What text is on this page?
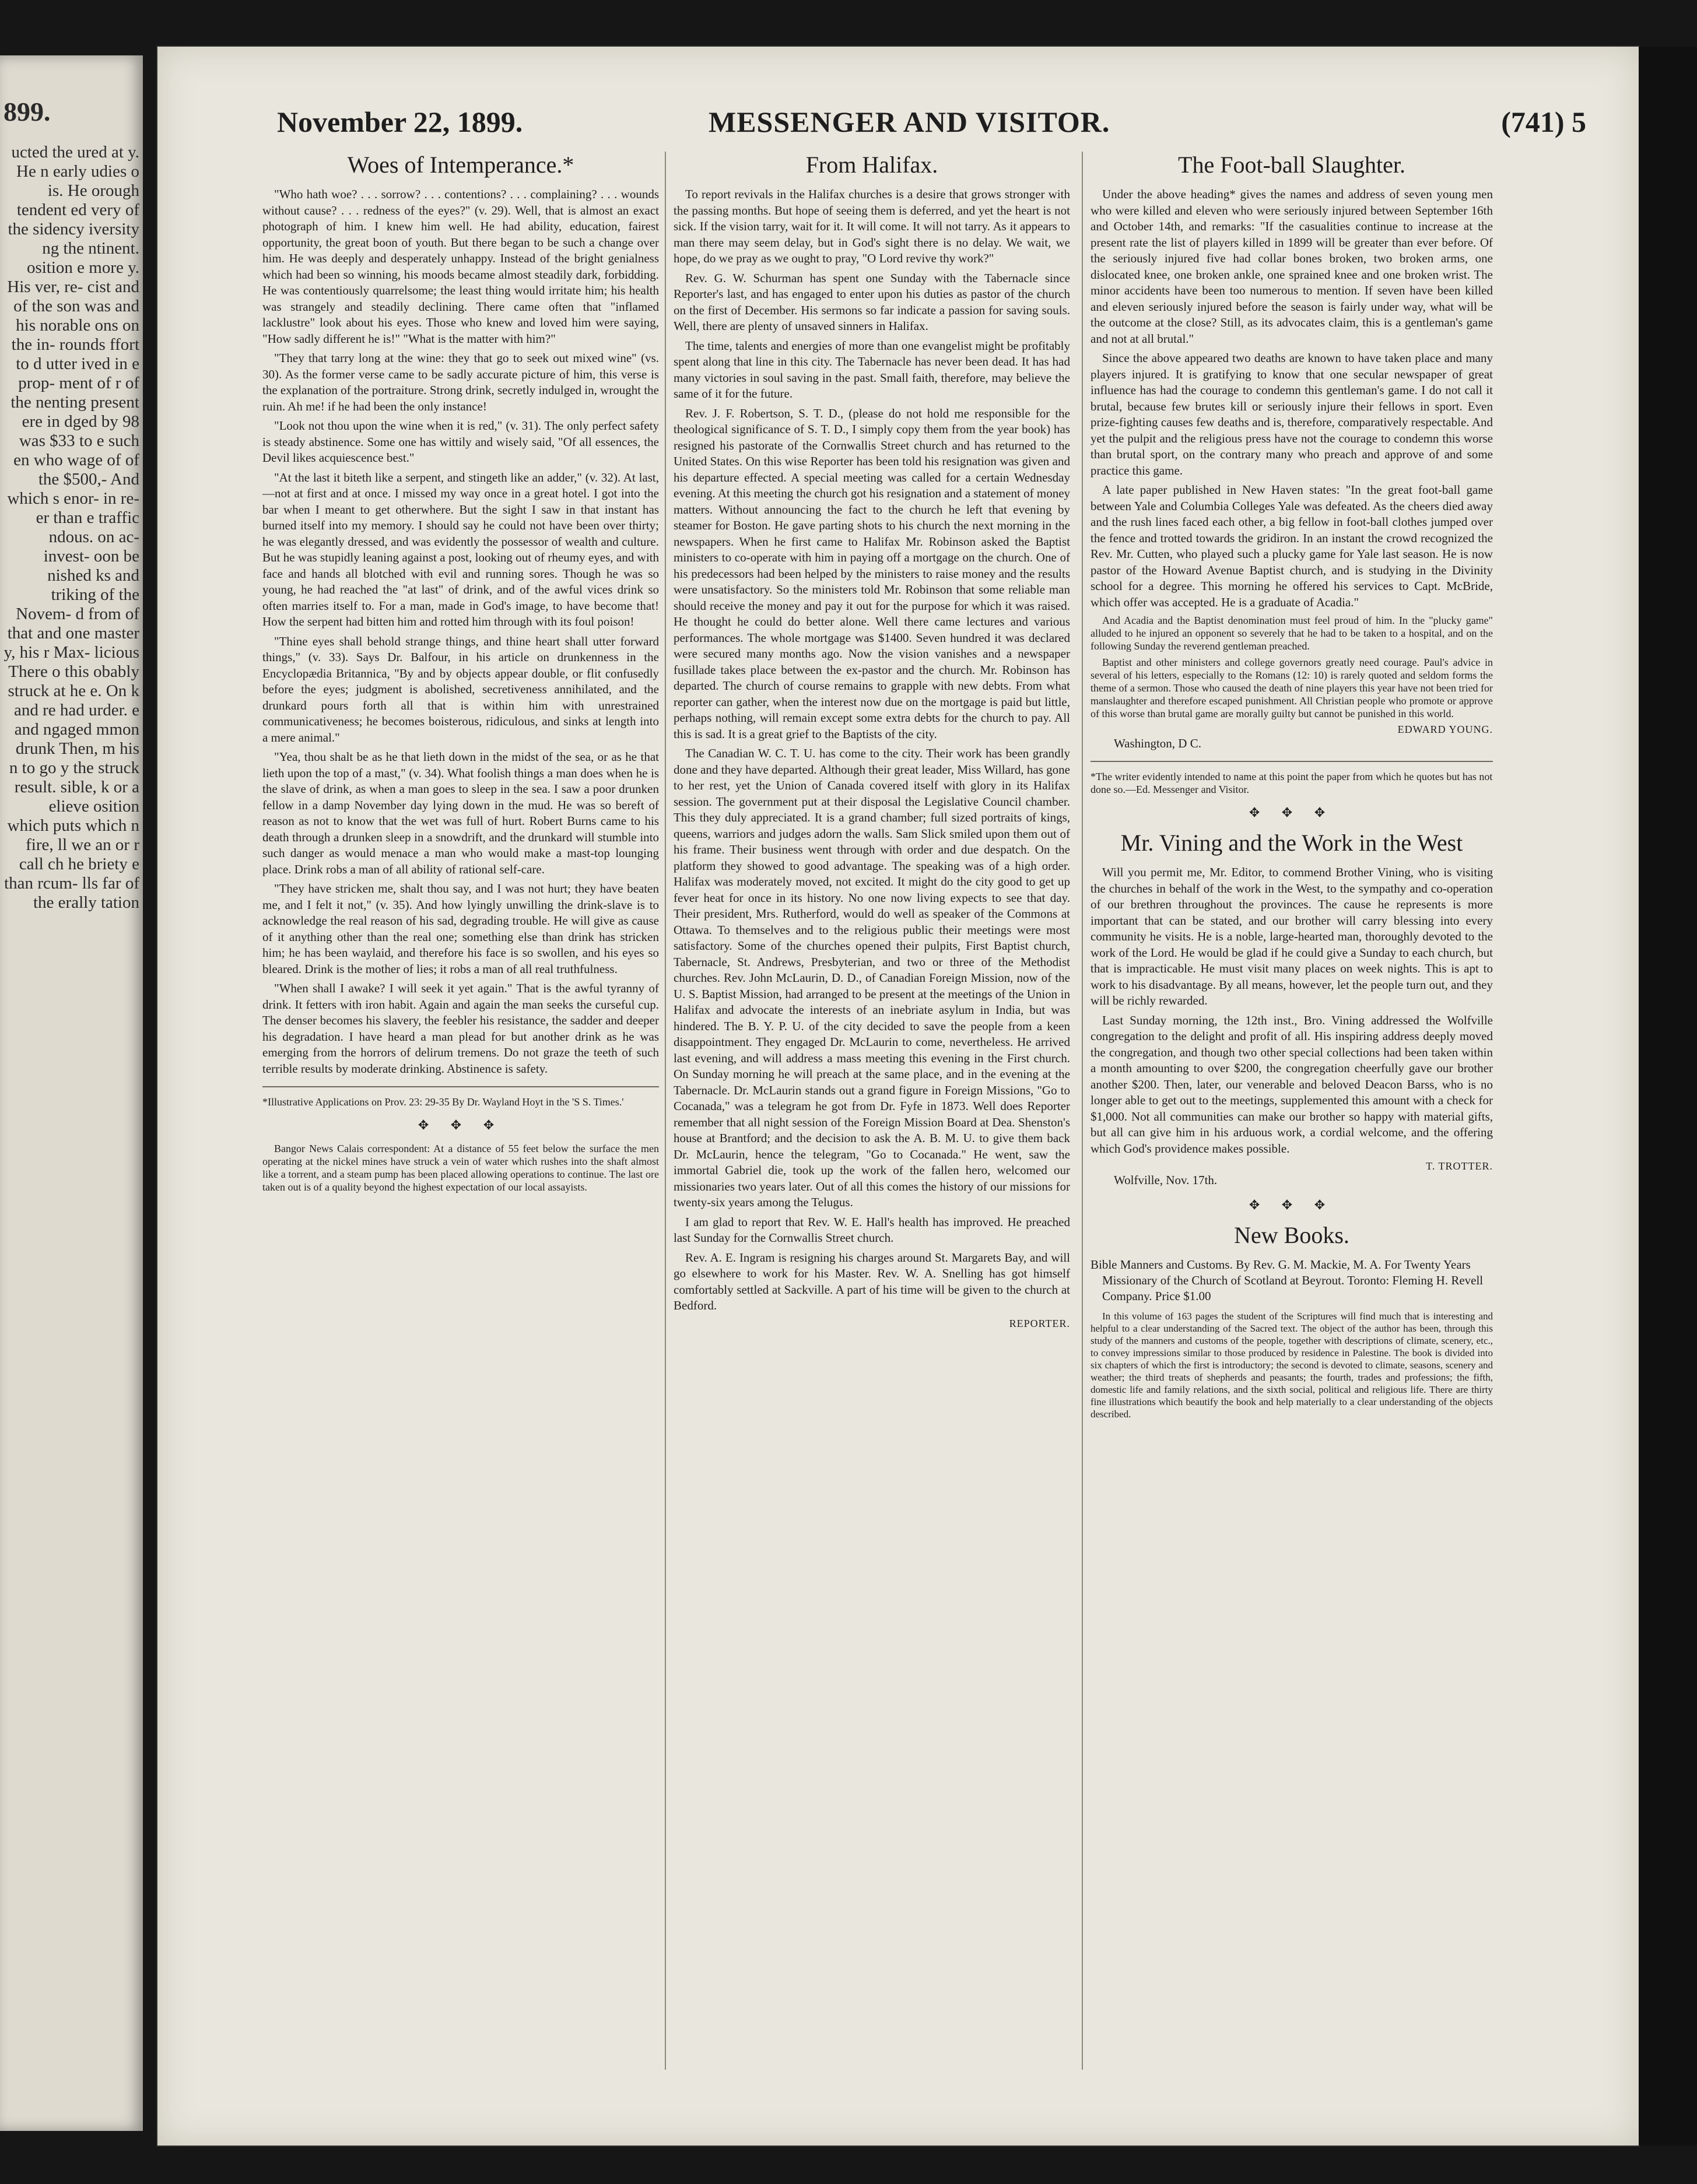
899.
ucted the ured at y. He n early udies o is. He orough tendent ed very of the sidency iversity ng the ntinent. osition e more y. His ver, re- cist and of the son was and his norable ons on the in- rounds ffort to d utter ived in e prop- ment of r of the nenting present ere in dged by 98 was $33 to e such en who wage of of the $500,- And which s enor- in re- er than e traffic ndous. on ac- invest- oon be nished ks and triking of the Novem- d from of that and one master y, his r Max- licious There o this obably struck at he e. On k and re had urder. e and ngaged mmon drunk Then, m his n to go y the struck result. sible, k or a elieve osition which puts which n fire, ll we an or r call ch he briety e than rcum- lls far of the erally tation
November 22, 1899.	MESSENGER AND VISITOR.	(741) 5
Woes of Intemperance.*

"Who hath woe? . . . sorrow? . . . contentions? . . . complaining? . . . wounds without cause? . . . redness of the eyes?" (v. 29). Well, that is almost an exact photograph of him. I knew him well. He had ability, education, fairest opportunity, the great boon of youth. But there began to be such a change over him. He was deeply and desperately unhappy. Instead of the bright genialness which had been so winning, his moods became almost steadily dark, forbidding. He was contentiously quarrelsome; the least thing would irritate him; his health was strangely and steadily declining. There came often that "inflamed lacklustre" look about his eyes. Those who knew and loved him were saying, "How sadly different he is!" "What is the matter with him?"

"They that tarry long at the wine: they that go to seek out mixed wine" (vs. 30). As the former verse came to be sadly accurate picture of him, this verse is the explanation of the portraiture. Strong drink, secretly indulged in, wrought the ruin. Ah me! if he had been the only instance!

"Look not thou upon the wine when it is red," (v. 31). The only perfect safety is steady abstinence. Some one has wittily and wisely said, "Of all essences, the Devil likes acquiescence best."

"At the last it biteth like a serpent, and stingeth like an adder," (v. 32). At last,—not at first and at once. I missed my way once in a great hotel. I got into the bar when I meant to get otherwhere. But the sight I saw in that instant has burned itself into my memory. I should say he could not have been over thirty; he was elegantly dressed, and was evidently the possessor of wealth and culture. But he was stupidly leaning against a post, looking out of rheumy eyes, and with face and hands all blotched with evil and running sores. Though he was so young, he had reached the "at last" of drink, and of the awful vices drink so often marries itself to. For a man, made in God's image, to have become that! How the serpent had bitten him and rotted him through with its foul poison!

"Thine eyes shall behold strange things, and thine heart shall utter forward things," (v. 33). Says Dr. Balfour, in his article on drunkenness in the Encyclopædia Britannica, "By and by objects appear double, or flit confusedly before the eyes; judgment is abolished, secretiveness annihilated, and the drunkard pours forth all that is within him with unrestrained communicativeness; he becomes boisterous, ridiculous, and sinks at length into a mere animal."

"Yea, thou shalt be as he that lieth down in the midst of the sea, or as he that lieth upon the top of a mast," (v. 34). What foolish things a man does when he is the slave of drink, as when a man goes to sleep in the sea. I saw a poor drunken fellow in a damp November day lying down in the mud. He was so bereft of reason as not to know that the wet was full of hurt. Robert Burns came to his death through a drunken sleep in a snowdrift, and the drunkard will stumble into such danger as would menace a man who would make a mast-top lounging place. Drink robs a man of all ability of rational self-care.

"They have stricken me, shalt thou say, and I was not hurt; they have beaten me, and I felt it not," (v. 35). And how lyingly unwilling the drink-slave is to acknowledge the real reason of his sad, degrading trouble. He will give as cause of it anything other than the real one; something else than drink has stricken him; he has been waylaid, and therefore his face is so swollen, and his eyes so bleared. Drink is the mother of lies; it robs a man of all real truthfulness.

"When shall I awake? I will seek it yet again." That is the awful tyranny of drink. It fetters with iron habit. Again and again the man seeks the curseful cup. The denser becomes his slavery, the feebler his resistance, the sadder and deeper his degradation. I have heard a man plead for but another drink as he was emerging from the horrors of delirum tremens. Do not graze the teeth of such terrible results by moderate drinking. Abstinence is safety.

*Illustrative Applications on Prov. 23: 29-35 By Dr. Wayland Hoyt in the 'S S. Times.'
✥ ✥ ✥

Bangor News Calais correspondent: At a distance of 55 feet below the surface the men operating at the nickel mines have struck a vein of water which rushes into the shaft almost like a torrent, and a steam pump has been placed allowing operations to continue. The last ore taken out is of a quality beyond the highest expectation of our local assayists.

From Halifax.

To report revivals in the Halifax churches is a desire that grows stronger with the passing months. But hope of seeing them is deferred, and yet the heart is not sick. If the vision tarry, wait for it. It will come. It will not tarry. As it appears to man there may seem delay, but in God's sight there is no delay. We wait, we hope, do we pray as we ought to pray, "O Lord revive thy work?"

Rev. G. W. Schurman has spent one Sunday with the Tabernacle since Reporter's last, and has engaged to enter upon his duties as pastor of the church on the first of December. His sermons so far indicate a passion for saving souls. Well, there are plenty of unsaved sinners in Halifax.

The time, talents and energies of more than one evangelist might be profitably spent along that line in this city. The Tabernacle has never been dead. It has had many victories in soul saving in the past. Small faith, therefore, may believe the same of it for the future.

Rev. J. F. Robertson, S. T. D., (please do not hold me responsible for the theological significance of S. T. D., I simply copy them from the year book) has resigned his pastorate of the Cornwallis Street church and has returned to the United States. On this wise Reporter has been told his resignation was given and his departure effected. A special meeting was called for a certain Wednesday evening. At this meeting the church got his resignation and a statement of money matters. Without announcing the fact to the church he left that evening by steamer for Boston. He gave parting shots to his church the next morning in the newspapers. When he first came to Halifax Mr. Robinson asked the Baptist ministers to co-operate with him in paying off a mortgage on the church. One of his predecessors had been helped by the ministers to raise money and the results were unsatisfactory. So the ministers told Mr. Robinson that some reliable man should receive the money and pay it out for the purpose for which it was raised. He thought he could do better alone. Well there came lectures and various performances. The whole mortgage was $1400. Seven hundred it was declared were secured many months ago. Now the vision vanishes and a newspaper fusillade takes place between the ex-pastor and the church. Mr. Robinson has departed. The church of course remains to grapple with new debts. From what reporter can gather, when the interest now due on the mortgage is paid but little, perhaps nothing, will remain except some extra debts for the church to pay. All this is sad. It is a great grief to the Baptists of the city.

The Canadian W. C. T. U. has come to the city. Their work has been grandly done and they have departed. Although their great leader, Miss Willard, has gone to her rest, yet the Union of Canada covered itself with glory in its Halifax session. The government put at their disposal the Legislative Council chamber. This they duly appreciated. It is a grand chamber; full sized portraits of kings, queens, warriors and judges adorn the walls. Sam Slick smiled upon them out of his frame. Their business went through with order and due despatch. On the platform they showed to good advantage. The speaking was of a high order. Halifax was moderately moved, not excited. It might do the city good to get up fever heat for once in its history. No one now living expects to see that day. Their president, Mrs. Rutherford, would do well as speaker of the Commons at Ottawa. To themselves and to the religious public their meetings were most satisfactory. Some of the churches opened their pulpits, First Baptist church, Tabernacle, St. Andrews, Presbyterian, and two or three of the Methodist churches. Rev. John McLaurin, D. D., of Canadian Foreign Mission, now of the U. S. Baptist Mission, had arranged to be present at the meetings of the Union in Halifax and advocate the interests of an inebriate asylum in India, but was hindered. The B. Y. P. U. of the city decided to save the people from a keen disappointment. They engaged Dr. McLaurin to come, nevertheless. He arrived last evening, and will address a mass meeting this evening in the First church. On Sunday morning he will preach at the same place, and in the evening at the Tabernacle. Dr. McLaurin stands out a grand figure in Foreign Missions, "Go to Cocanada," was a telegram he got from Dr. Fyfe in 1873. Well does Reporter remember that all night session of the Foreign Mission Board at Dea. Shenston's house at Brantford; and the decision to ask the A. B. M. U. to give them back Dr. McLaurin, hence the telegram, "Go to Cocanada." He went, saw the immortal Gabriel die, took up the work of the fallen hero, welcomed our missionaries two years later. Out of all this comes the history of our missions for twenty-six years among the Telugus.

I am glad to report that Rev. W. E. Hall's health has improved. He preached last Sunday for the Cornwallis Street church.

Rev. A. E. Ingram is resigning his charges around St. Margarets Bay, and will go elsewhere to work for his Master. Rev. W. A. Snelling has got himself comfortably settled at Sackville. A part of his time will be given to the church at Bedford.

REPORTER.
The Foot-ball Slaughter.

Under the above heading* gives the names and address of seven young men who were killed and eleven who were seriously injured between September 16th and October 14th, and remarks: "If the casualities continue to increase at the present rate the list of players killed in 1899 will be greater than ever before. Of the seriously injured five had collar bones broken, two broken arms, one dislocated knee, one broken ankle, one sprained knee and one broken wrist. The minor accidents have been too numerous to mention. If seven have been killed and eleven seriously injured before the season is fairly under way, what will be the outcome at the close? Still, as its advocates claim, this is a gentleman's game and not at all brutal."

Since the above appeared two deaths are known to have taken place and many players injured. It is gratifying to know that one secular newspaper of great influence has had the courage to condemn this gentleman's game. I do not call it brutal, because few brutes kill or seriously injure their fellows in sport. Even prize-fighting causes few deaths and is, therefore, comparatively respectable. And yet the pulpit and the religious press have not the courage to condemn this worse than brutal sport, on the contrary many who preach and approve of and some practice this game.

A late paper published in New Haven states: "In the great foot-ball game between Yale and Columbia Colleges Yale was defeated. As the cheers died away and the rush lines faced each other, a big fellow in foot-ball clothes jumped over the fence and trotted towards the gridiron. In an instant the crowd recognized the Rev. Mr. Cutten, who played such a plucky game for Yale last season. He is now pastor of the Howard Avenue Baptist church, and is studying in the Divinity school for a degree. This morning he offered his services to Capt. McBride, which offer was accepted. He is a graduate of Acadia."

And Acadia and the Baptist denomination must feel proud of him. In the "plucky game" alluded to he injured an opponent so severely that he had to be taken to a hospital, and on the following Sunday the reverend gentleman preached.

Baptist and other ministers and college governors greatly need courage. Paul's advice in several of his letters, especially to the Romans (12: 10) is rarely quoted and seldom forms the theme of a sermon. Those who caused the death of nine players this year have not been tried for manslaughter and therefore escaped punishment. All Christian people who promote or approve of this worse than brutal game are morally guilty but cannot be punished in this world.

EDWARD YOUNG.
Washington, D C.
*The writer evidently intended to name at this point the paper from which he quotes but has not done so.—Ed. Messenger and Visitor.
✥ ✥ ✥
Mr. Vining and the Work in the West

Will you permit me, Mr. Editor, to commend Brother Vining, who is visiting the churches in behalf of the work in the West, to the sympathy and co-operation of our brethren throughout the provinces. The cause he represents is more important that can be stated, and our brother will carry blessing into every community he visits. He is a noble, large-hearted man, thoroughly devoted to the work of the Lord. He would be glad if he could give a Sunday to each church, but that is impracticable. He must visit many places on week nights. This is apt to work to his disadvantage. By all means, however, let the people turn out, and they will be richly rewarded.

Last Sunday morning, the 12th inst., Bro. Vining addressed the Wolfville congregation to the delight and profit of all. His inspiring address deeply moved the congregation, and though two other special collections had been taken within a month amounting to over $200, the congregation cheerfully gave our brother another $200. Then, later, our venerable and beloved Deacon Barss, who is no longer able to get out to the meetings, supplemented this amount with a check for $1,000. Not all communities can make our brother so happy with material gifts, but all can give him in his arduous work, a cordial welcome, and the offering which God's providence makes possible.

T. TROTTER.
Wolfville, Nov. 17th.
✥ ✥ ✥
New Books.
Bible Manners and Customs. By Rev. G. M. Mackie, M. A. For Twenty Years Missionary of the Church of Scotland at Beyrout. Toronto: Fleming H. Revell Company. Price $1.00

In this volume of 163 pages the student of the Scriptures will find much that is interesting and helpful to a clear understanding of the Sacred text. The object of the author has been, through this study of the manners and customs of the people, together with descriptions of climate, scenery, etc., to convey impressions similar to those produced by residence in Palestine. The book is divided into six chapters of which the first is introductory; the second is devoted to climate, seasons, scenery and weather; the third treats of shepherds and peasants; the fourth, trades and professions; the fifth, domestic life and family relations, and the sixth social, political and religious life. There are thirty fine illustrations which beautify the book and help materially to a clear understanding of the objects described.
